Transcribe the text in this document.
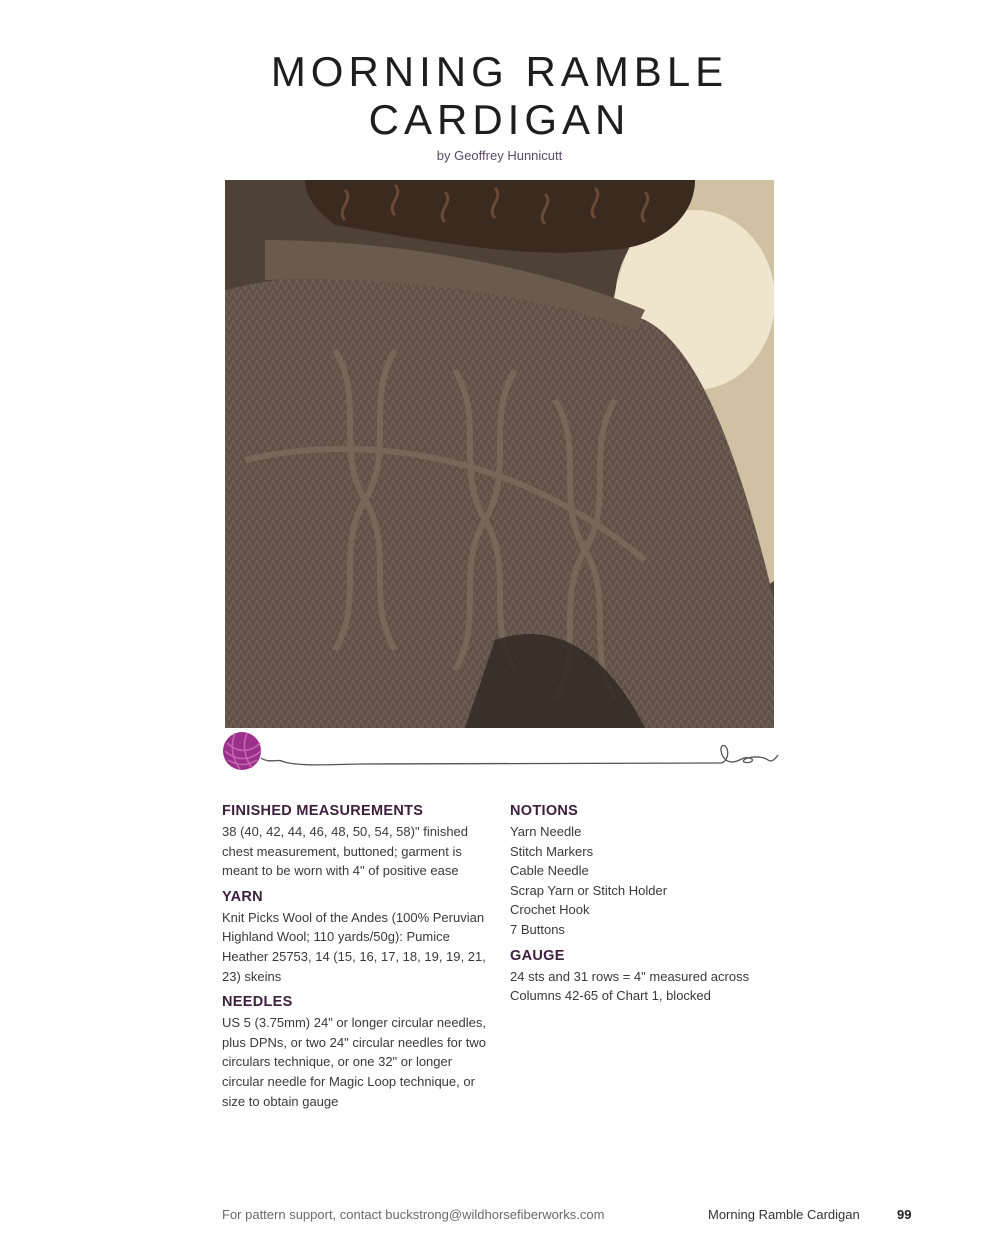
MORNING RAMBLE
CARDIGAN
by Geoffrey Hunnicutt

FINISHED MEASUREMENTS

38 (40, 42, 44, 46, 48, 50, 54, 58)" finished chest measurement, buttoned; garment is meant to be worn with 4" of positive ease

YARN

Knit Picks Wool of the Andes (100% Peruvian Highland Wool; 110 yards/50g): Pumice Heather 25753, 14 (15, 16, 17, 18, 19, 19, 21, 23) skeins

NEEDLES

US 5 (3.75mm) 24" or longer circular needles, plus DPNs, or two 24" circular needles for two circulars technique, or one 32" or longer circular needle for Magic Loop technique, or size to obtain gauge

NOTIONS

Yarn Needle
Stitch Markers
Cable Needle
Scrap Yarn or Stitch Holder
Crochet Hook
7 Buttons

GAUGE

24 sts and 31 rows = 4" measured across Columns 42-65 of Chart 1, blocked

For pattern support, contact buckstrong@wildhorsefiberworks.com	Morning Ramble Cardigan	99
